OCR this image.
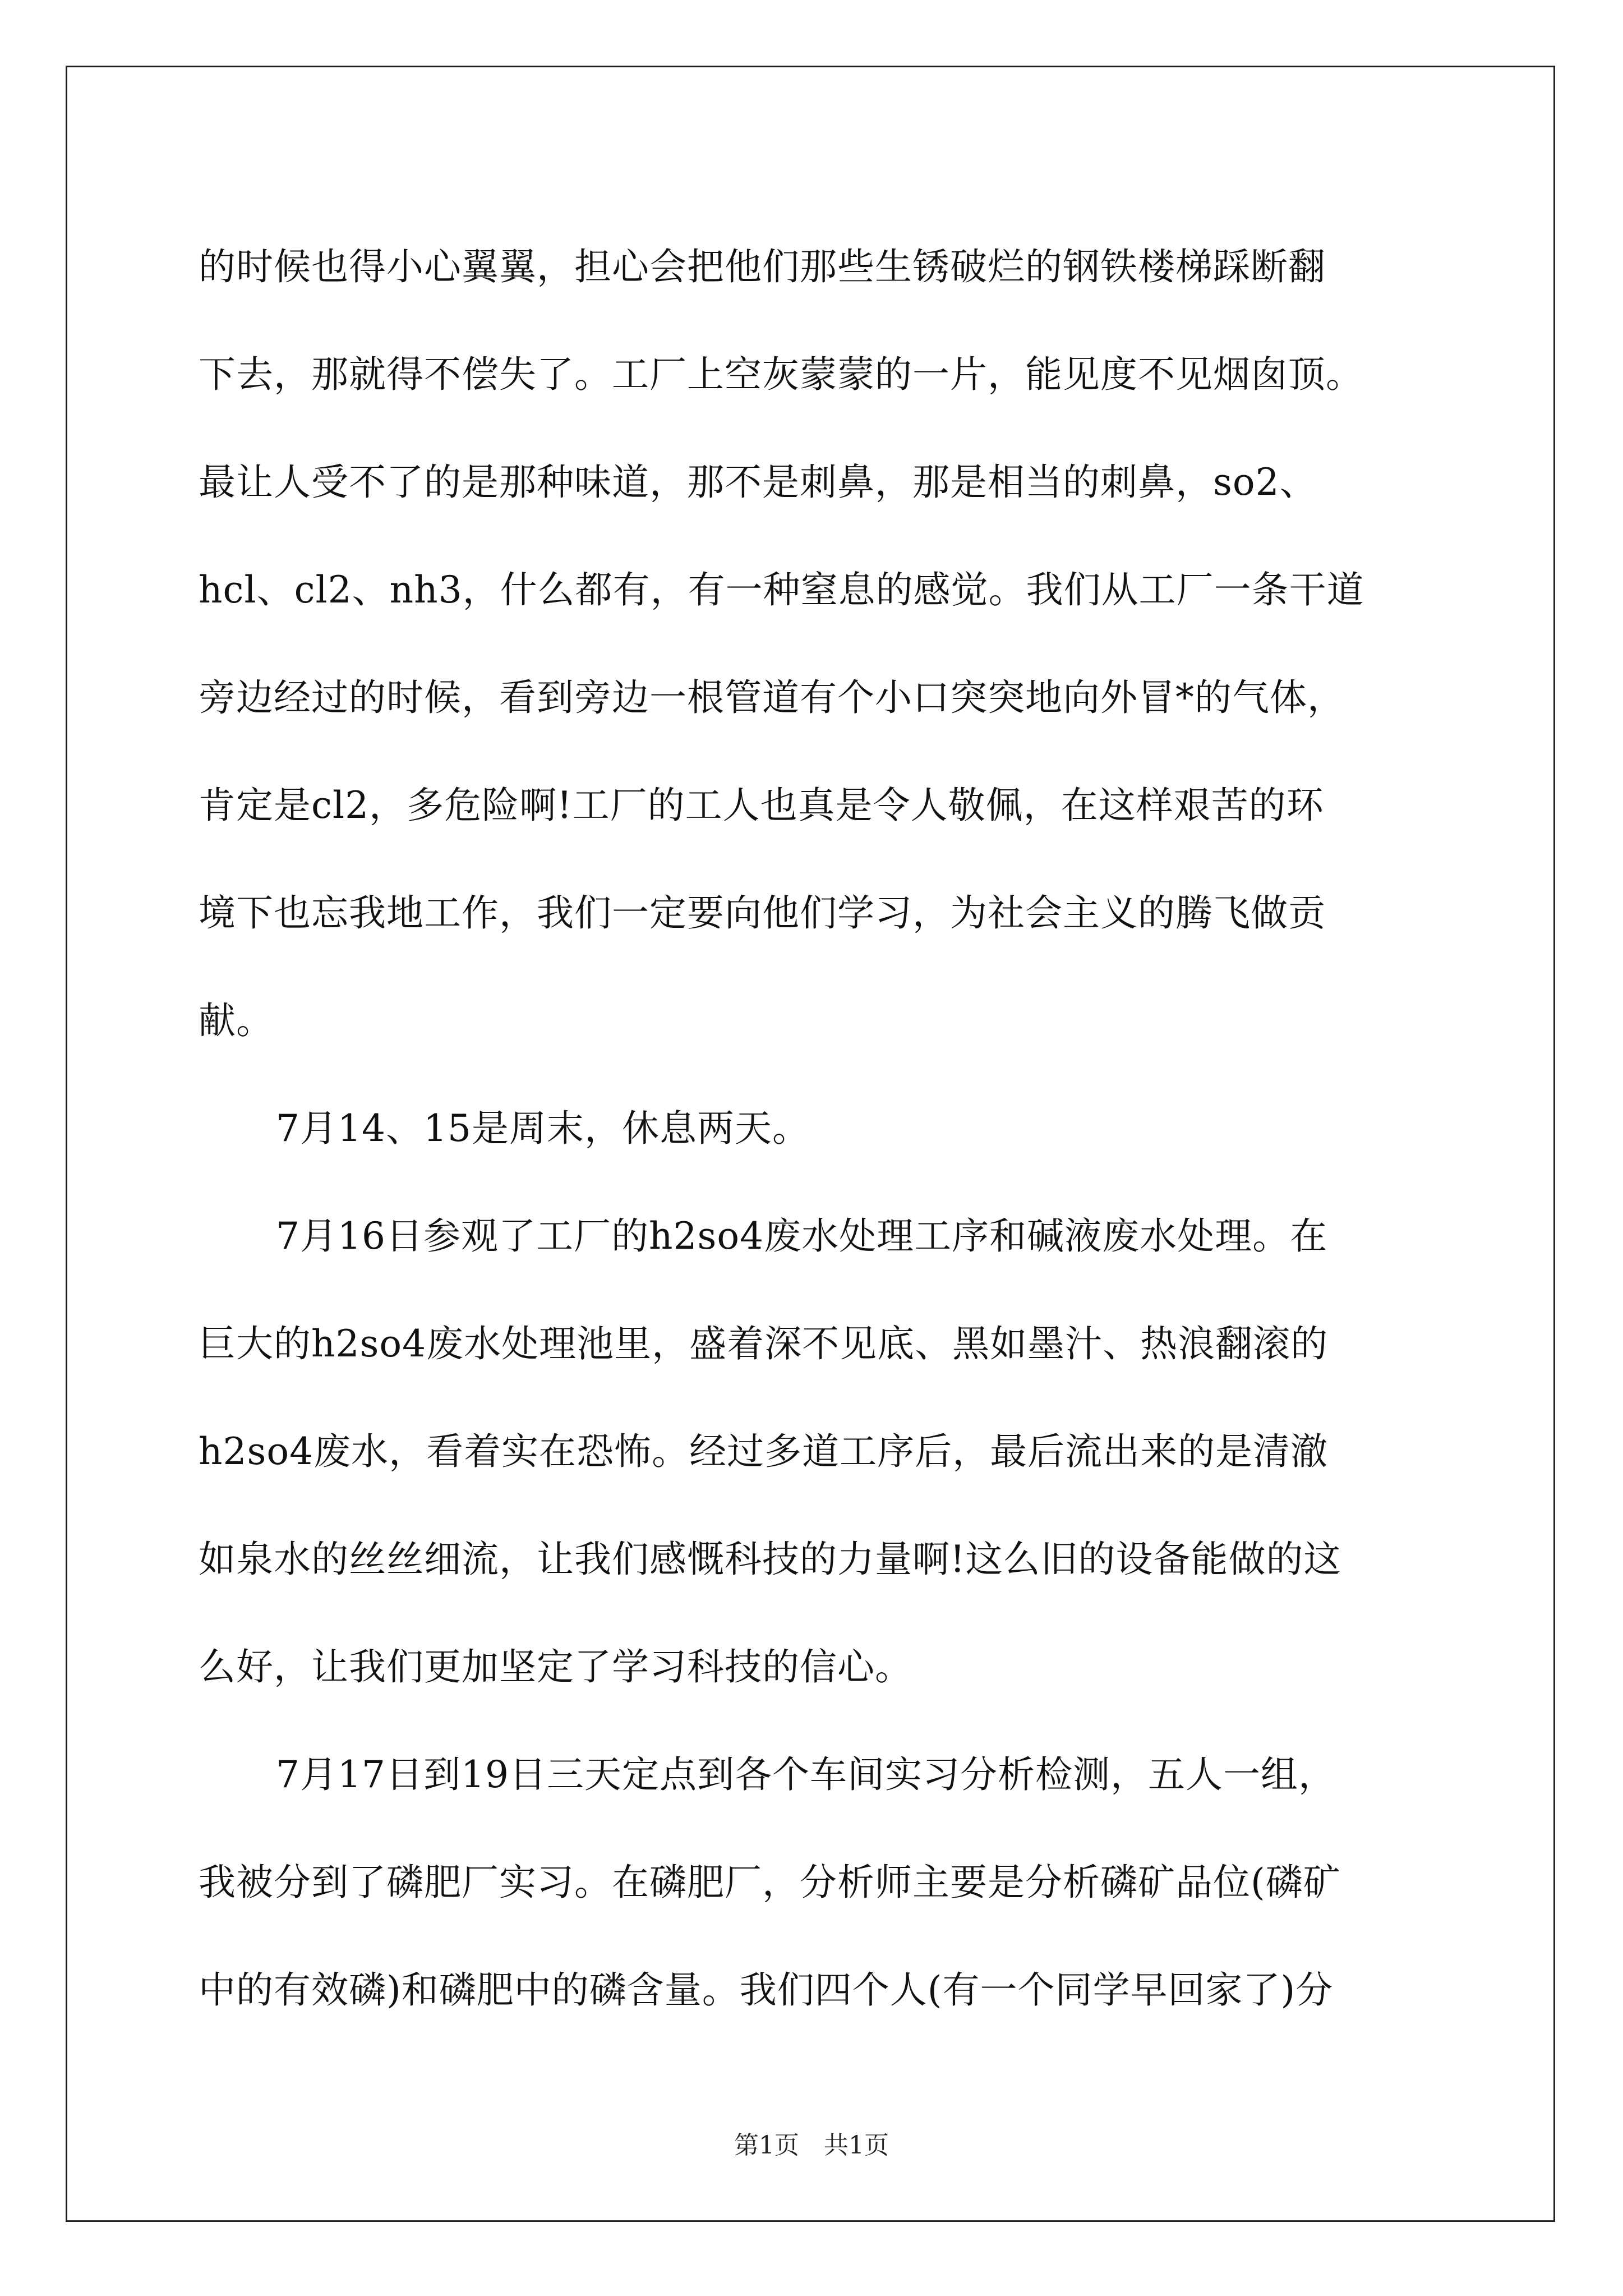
的时候也得小心翼翼，担心会把他们那些生锈破烂的钢铁楼梯踩断翻
下去，那就得不偿失了。工厂上空灰蒙蒙的一片，能见度不见烟囱顶。
最让人受不了的是那种味道，那不是刺鼻，那是相当的刺鼻，so2、
hcl、cl2、nh3，什么都有，有一种窒息的感觉。我们从工厂一条干道
旁边经过的时候，看到旁边一根管道有个小口突突地向外冒*的气体，
肯定是cl2，多危险啊!工厂的工人也真是令人敬佩，在这样艰苦的环
境下也忘我地工作，我们一定要向他们学习，为社会主义的腾飞做贡
献。
7月14、15是周末，休息两天。
7月16日参观了工厂的h2so4废水处理工序和碱液废水处理。在
巨大的h2so4废水处理池里，盛着深不见底、黑如墨汁、热浪翻滚的
h2so4废水，看着实在恐怖。经过多道工序后，最后流出来的是清澈
如泉水的丝丝细流，让我们感慨科技的力量啊!这么旧的设备能做的这
么好，让我们更加坚定了学习科技的信心。
7月17日到19日三天定点到各个车间实习分析检测，五人一组，
我被分到了磷肥厂实习。在磷肥厂，分析师主要是分析磷矿品位(磷矿
中的有效磷)和磷肥中的磷含量。我们四个人(有一个同学早回家了)分
第1页 共1页
